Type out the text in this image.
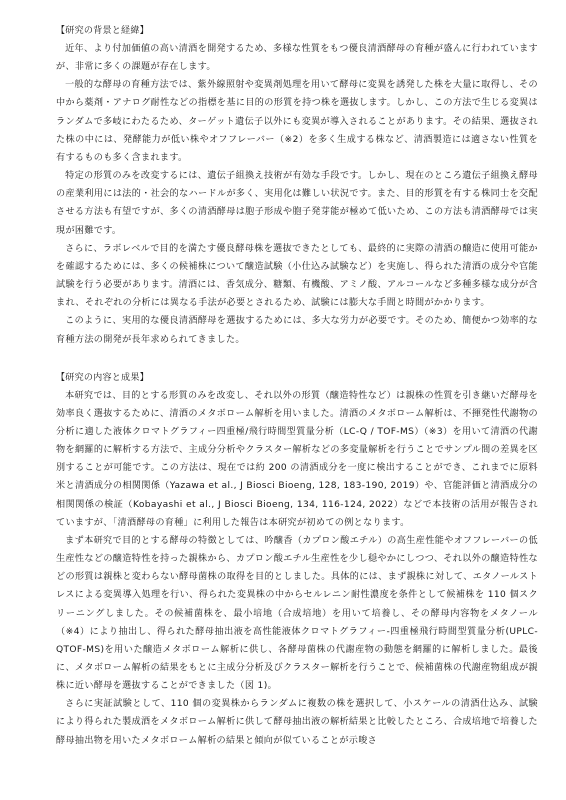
【研究の背景と経緯】

近年、より付加価値の高い清酒を開発するため、多様な性質をもつ優良清酒酵母の育種が盛んに行われていますが、非常に多くの課題が存在します。

一般的な酵母の育種方法では、紫外線照射や変異剤処理を用いて酵母に変異を誘発した株を大量に取得し、その中から薬剤・アナログ耐性などの指標を基に目的の形質を持つ株を選抜します。しかし、この方法で生じる変異はランダムで多岐にわたるため、ターゲット遺伝子以外にも変異が導入されることがあります。その結果、選抜された株の中には、発酵能力が低い株やオフフレーバー（※2）を多く生成する株など、清酒製造には適さない性質を有するものも多く含まれます。

特定の形質のみを改変するには、遺伝子組換え技術が有効な手段です。しかし、現在のところ遺伝子組換え酵母の産業利用には法的・社会的なハードルが多く、実用化は難しい状況です。また、目的形質を有する株同士を交配させる方法も有望ですが、多くの清酒酵母は胞子形成や胞子発芽能が極めて低いため、この方法も清酒酵母では実現が困難です。

さらに、ラボレベルで目的を満たす優良酵母株を選抜できたとしても、最終的に実際の清酒の醸造に使用可能かを確認するためには、多くの候補株について醸造試験（小仕込み試験など）を実施し、得られた清酒の成分や官能試験を行う必要があります。清酒には、香気成分、糖類、有機酸、アミノ酸、アルコールなど多種多様な成分が含まれ、それぞれの分析には異なる手法が必要とされるため、試験には膨大な手間と時間がかかります。

このように、実用的な優良清酒酵母を選抜するためには、多大な労力が必要です。そのため、簡便かつ効率的な育種方法の開発が長年求められてきました。

【研究の内容と成果】

本研究では、目的とする形質のみを改変し、それ以外の形質（醸造特性など）は親株の性質を引き継いだ酵母を効率良く選抜するために、清酒のメタボローム解析を用いました。清酒のメタボローム解析は、不揮発性代謝物の分析に適した液体クロマトグラフィー四重極/飛行時間型質量分析（LC-Q / TOF-MS）（※3）を用いて清酒の代謝物を網羅的に解析する方法で、主成分分析やクラスター解析などの多変量解析を行うことでサンプル間の差異を区別することが可能です。この方法は、現在では約 200 の清酒成分を一度に検出することができ、これまでに原料米と清酒成分の相関関係（Yazawa et al., J Biosci Bioeng, 128, 183-190, 2019）や、官能評価と清酒成分の相関関係の検証（Kobayashi et al., J Biosci Bioeng, 134, 116-124, 2022）などで本技術の活用が報告されていますが、「清酒酵母の育種」に利用した報告は本研究が初めての例となります。

まず本研究で目的とする酵母の特徴としては、吟醸香（カプロン酸エチル）の高生産性能やオフフレーバーの低生産性などの醸造特性を持った親株から、カプロン酸エチル生産性を少し穏やかにしつつ、それ以外の醸造特性などの形質は親株と変わらない酵母菌株の取得を目的としました。具体的には、まず親株に対して、エタノールストレスによる変異導入処理を行い、得られた変異株の中からセルレニン耐性濃度を条件として候補株を 110 個スクリーニングしました。その候補菌株を、最小培地（合成培地）を用いて培養し、その酵母内容物をメタノール（※4）により抽出し、得られた酵母抽出液を高性能液体クロマトグラフィー-四重極飛行時間型質量分析(UPLC-QTOF-MS)を用いた醸造メタボローム解析に供し、各酵母菌株の代謝産物の動態を網羅的に解析しました。最後に、メタボローム解析の結果をもとに主成分分析及びクラスター解析を行うことで、候補菌株の代謝産物組成が親株に近い酵母を選抜することができました（図 1)。

さらに実証試験として、110 個の変異株からランダムに複数の株を選択して、小スケールの清酒仕込み、試験により得られた製成酒をメタボローム解析に供して酵母抽出液の解析結果と比較したところ、合成培地で培養した酵母抽出物を用いたメタボローム解析の結果と傾向が似ていることが示唆さ
